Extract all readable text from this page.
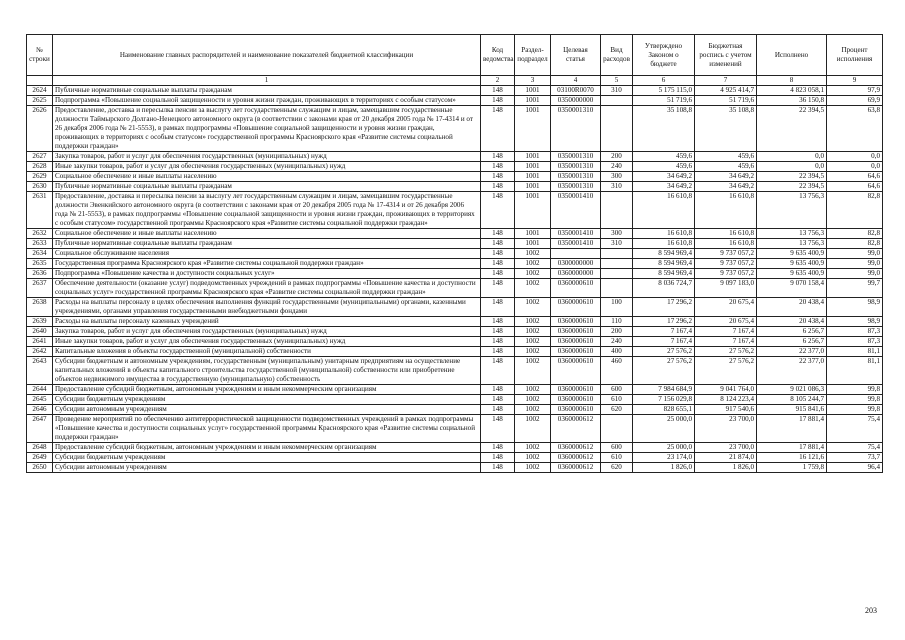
№ строки	Наименование главных распорядителей и наименование показателей бюджетной классификации	Код ведомства	Раздел-подраздел	Целевая статья	Вид расходов	Утверждено Законом о бюджете	Бюджетная роспись с учетом изменений	Исполнено	Процент исполнения
	1	2	3	4	5	6	7	8	9
2624	Публичные нормативные социальные выплаты гражданам	148	1001	03100R0070	310	5 175 115,0	4 925 414,7	4 823 058,1	97,9
2625	Подпрограмма «Повышение социальной защищенности и уровня жизни граждан, проживающих в территориях с особым статусом»	148	1001	0350000000		51 719,6	51 719,6	36 150,8	69,9
2626	Предоставление, доставка и пересылка пенсии за выслугу лет государственным служащим и лицам, замещавшим государственные должности Таймырского Долгано-Ненецкого автономного округа (в соответствии с законами края от 20 декабря 2005 года № 17-4314 и от 26 декабря 2006 года № 21-5553), в рамках подпрограммы «Повышение социальной защищенности и уровня жизни граждан, проживающих в территориях с особым статусом» государственной программы Красноярского края «Развитие системы социальной поддержки граждан»	148	1001	0350001310		35 108,8	35 108,8	22 394,5	63,8
2627	Закупка товаров, работ и услуг для обеспечения государственных (муниципальных) нужд	148	1001	0350001310	200	459,6	459,6	0,0	0,0
2628	Иные закупки товаров, работ и услуг для обеспечения государственных (муниципальных) нужд	148	1001	0350001310	240	459,6	459,6	0,0	0,0
2629	Социальное обеспечение и иные выплаты населению	148	1001	0350001310	300	34 649,2	34 649,2	22 394,5	64,6
2630	Публичные нормативные социальные выплаты гражданам	148	1001	0350001310	310	34 649,2	34 649,2	22 394,5	64,6
2631	Предоставление, доставка и пересылка пенсии за выслугу лет государственным служащим и лицам, замещавшим государственные должности Эвенкийского автономного округа (в соответствии с законами края от 20 декабря 2005 года № 17-4314 и от 26 декабря 2006 года № 21-5553), в рамках подпрограммы «Повышение социальной защищенности и уровня жизни граждан, проживающих в территориях с особым статусом» государственной программы Красноярского края «Развитие системы социальной поддержки граждан»	148	1001	0350001410		16 610,8	16 610,8	13 756,3	82,8
2632	Социальное обеспечение и иные выплаты населению	148	1001	0350001410	300	16 610,8	16 610,8	13 756,3	82,8
2633	Публичные нормативные социальные выплаты гражданам	148	1001	0350001410	310	16 610,8	16 610,8	13 756,3	82,8
2634	Социальное обслуживание населения	148	1002			8 594 969,4	9 737 057,2	9 635 400,9	99,0
2635	Государственная программа Красноярского края «Развитие системы социальной поддержки граждан»	148	1002	0300000000		8 594 969,4	9 737 057,2	9 635 400,9	99,0
2636	Подпрограмма «Повышение качества и доступности социальных услуг»	148	1002	0360000000		8 594 969,4	9 737 057,2	9 635 400,9	99,0
2637	Обеспечение деятельности (оказание услуг) подведомственных учреждений в рамках подпрограммы «Повышение качества и доступности социальных услуг» государственной программы Красноярского края «Развитие системы социальной поддержки граждан»	148	1002	0360000610		8 036 724,7	9 097 183,0	9 070 158,4	99,7
2638	Расходы на выплаты персоналу в целях обеспечения выполнения функций государственными (муниципальными) органами, казенными учреждениями, органами управления государственными внебюджетными фондами	148	1002	0360000610	100	17 296,2	20 675,4	20 438,4	98,9
2639	Расходы на выплаты персоналу казенных учреждений	148	1002	0360000610	110	17 296,2	20 675,4	20 438,4	98,9
2640	Закупка товаров, работ и услуг для обеспечения государственных (муниципальных) нужд	148	1002	0360000610	200	7 167,4	7 167,4	6 256,7	87,3
2641	Иные закупки товаров, работ и услуг для обеспечения государственных (муниципальных) нужд	148	1002	0360000610	240	7 167,4	7 167,4	6 256,7	87,3
2642	Капитальные вложения в объекты государственной (муниципальной) собственности	148	1002	0360000610	400	27 576,2	27 576,2	22 377,0	81,1
2643	Субсидии бюджетным и автономным учреждениям, государственным (муниципальным) унитарным предприятиям на осуществление капитальных вложений в объекты капитального строительства государственной (муниципальной) собственности или приобретение объектов недвижимого имущества в государственную (муниципальную) собственность	148	1002	0360000610	460	27 576,2	27 576,2	22 377,0	81,1
2644	Предоставление субсидий бюджетным, автономным учреждениям и иным некоммерческим организациям	148	1002	0360000610	600	7 984 684,9	9 041 764,0	9 021 086,3	99,8
2645	Субсидии бюджетным учреждениям	148	1002	0360000610	610	7 156 029,8	8 124 223,4	8 105 244,7	99,8
2646	Субсидии автономным учреждениям	148	1002	0360000610	620	828 655,1	917 540,6	915 841,6	99,8
2647	Проведение мероприятий по обеспечению антитеррористической защищенности подведомственных учреждений в рамках подпрограммы «Повышение качества и доступности социальных услуг» государственной программы Красноярского края «Развитие системы социальной поддержки граждан»	148	1002	0360000612		25 000,0	23 700,0	17 881,4	75,4
2648	Предоставление субсидий бюджетным, автономным учреждениям и иным некоммерческим организациям	148	1002	0360000612	600	25 000,0	23 700,0	17 881,4	75,4
2649	Субсидии бюджетным учреждениям	148	1002	0360000612	610	23 174,0	21 874,0	16 121,6	73,7
2650	Субсидии автономным учреждениям	148	1002	0360000612	620	1 826,0	1 826,0	1 759,8	96,4
203
